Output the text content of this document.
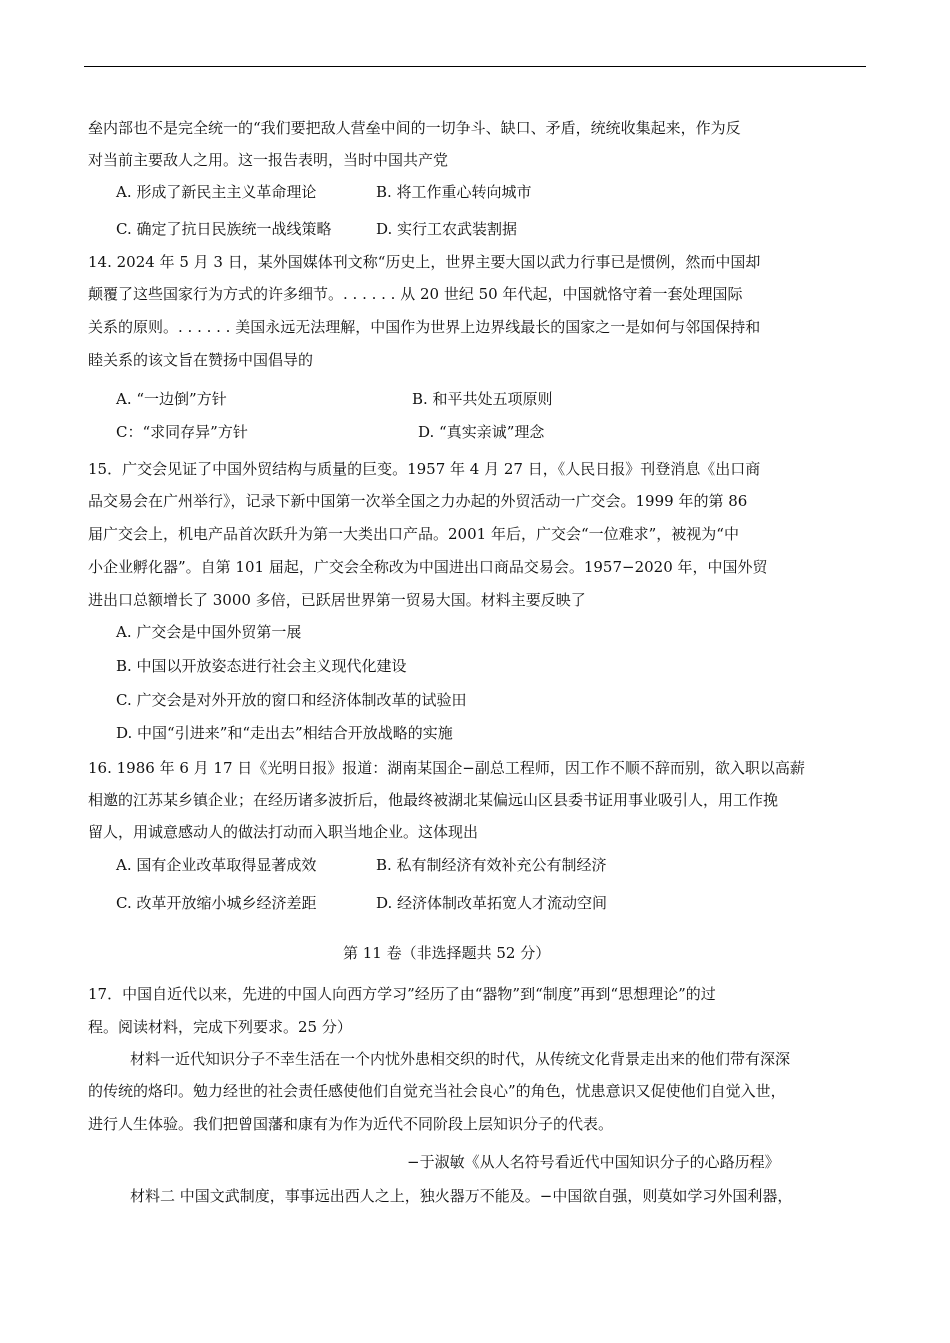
垒内部也不是完全统一的“我们要把敌人营垒中间的一切争斗、缺口、矛盾，统统收集起来，作为反
对当前主要敌人之用。这一报告表明，当时中国共产党
A. 形成了新民主主义革命理论	B. 将工作重心转向城市
C. 确定了抗日民族统一战线策略	D. 实行工农武装割据
14. 2024 年 5 月 3 日，某外国媒体刊文称“历史上，世界主要大国以武力行事已是惯例，然而中国却
颠覆了这些国家行为方式的许多细节。. . . . . . 从 20 世纪 50 年代起，中国就恪守着一套处理国际
关系的原则。. . . . . . 美国永远无法理解，中国作为世界上边界线最长的国家之一是如何与邻国保持和
睦关系的该文旨在赞扬中国倡导的
A. “一边倒”方针	B. 和平共处五项原则
C：“求同存异”方针	D. “真实亲诚”理念
15．广交会见证了中国外贸结构与质量的巨变。1957 年 4 月 27 日，《人民日报》刊登消息《出口商
品交易会在广州举行》，记录下新中国第一次举全国之力办起的外贸活动一广交会。1999 年的第 86
届广交会上，机电产品首次跃升为第一大类出口产品。2001 年后，广交会“一位难求”，被视为“中
小企业孵化器”。自第 101 届起，广交会全称改为中国进出口商品交易会。1957−2020 年，中国外贸
进出口总额增长了 3000 多倍，已跃居世界第一贸易大国。材料主要反映了
A. 广交会是中国外贸第一展
B. 中国以开放姿态进行社会主义现代化建设
C. 广交会是对外开放的窗口和经济体制改革的试验田
D. 中国“引进来”和“走出去”相结合开放战略的实施
16. 1986 年 6 月 17 日《光明日报》报道：湖南某国企−副总工程师，因工作不顺不辞而别，欲入职以高薪
相邀的江苏某乡镇企业；在经历诸多波折后，他最终被湖北某偏远山区县委书证用事业吸引人，用工作挽
留人，用诚意感动人的做法打动而入职当地企业。这体现出
A. 国有企业改革取得显著成效	B. 私有制经济有效补充公有制经济
C. 改革开放缩小城乡经济差距	D. 经济体制改革拓宽人才流动空间
第 11 卷（非选择题共 52 分）
17．中国自近代以来，先进的中国人向西方学习”经历了由“器物”到“制度”再到“思想理论”的过
程。阅读材料，完成下列要求。25 分）
材料一近代知识分子不幸生活在一个内忧外患相交织的时代，从传统文化背景走出来的他们带有深深
的传统的烙印。勉力经世的社会责任感使他们自觉充当社会良心”的角色，忧患意识又促使他们自觉入世，
进行人生体验。我们把曾国藩和康有为作为近代不同阶段上层知识分子的代表。
−于淑敏《从人名符号看近代中国知识分子的心路历程》
材料二 中国文武制度，事事远出西人之上，独火器万不能及。−中国欲自强，则莫如学习外国利器，
